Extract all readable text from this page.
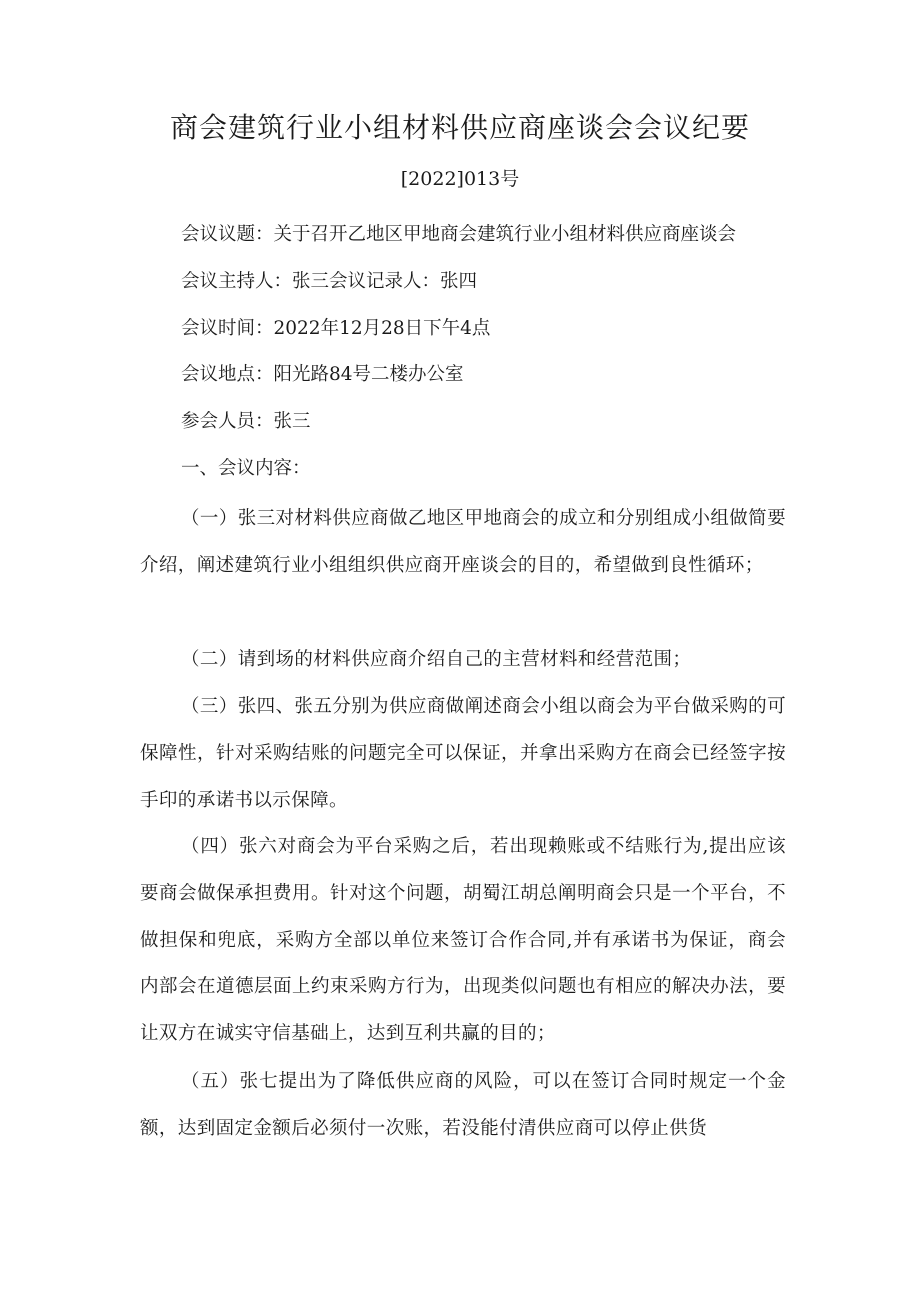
商会建筑行业小组材料供应商座谈会会议纪要
[2022]013号
会议议题：关于召开乙地区甲地商会建筑行业小组材料供应商座谈会
会议主持人：张三会议记录人：张四
会议时间：2022年12月28日下午4点
会议地点：阳光路84号二楼办公室
参会人员：张三
一、会议内容：

（一）张三对材料供应商做乙地区甲地商会的成立和分别组成小组做简要介绍，阐述建筑行业小组组织供应商开座谈会的目的，希望做到良性循环；

（二）请到场的材料供应商介绍自己的主营材料和经营范围；

（三）张四、张五分别为供应商做阐述商会小组以商会为平台做采购的可保障性，针对采购结账的问题完全可以保证，并拿出采购方在商会已经签字按手印的承诺书以示保障。

（四）张六对商会为平台采购之后，若出现赖账或不结账行为,提出应该要商会做保承担费用。针对这个问题，胡蜀江胡总阐明商会只是一个平台，不做担保和兜底，采购方全部以单位来签订合作合同,并有承诺书为保证，商会内部会在道德层面上约束采购方行为，出现类似问题也有相应的解决办法，要让双方在诚实守信基础上，达到互利共赢的目的；

（五）张七提出为了降低供应商的风险，可以在签订合同时规定一个金额，达到固定金额后必须付一次账，若没能付清供应商可以停止供货
